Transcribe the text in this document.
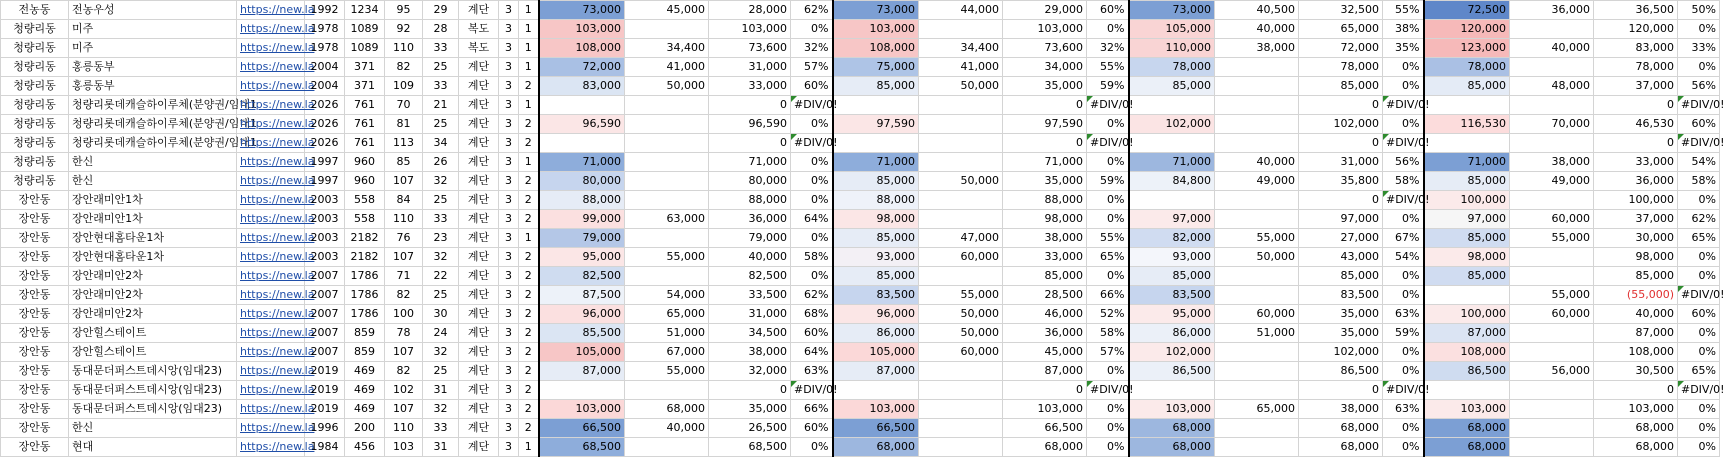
전농동	전농우성	https://new.la	1992	1234	95	29	계단	3	1	73,000	45,000	28,000	62%	73,000	44,000	29,000	60%	73,000	40,500	32,500	55%	72,500	36,000	36,500	50%
청량리동	미주	https://new.la	1978	1089	92	28	복도	3	1	103,000		103,000	0%	103,000		103,000	0%	105,000	40,000	65,000	38%	120,000		120,000	0%
청량리동	미주	https://new.la	1978	1089	110	33	복도	3	1	108,000	34,400	73,600	32%	108,000	34,400	73,600	32%	110,000	38,000	72,000	35%	123,000	40,000	83,000	33%
청량리동	홍릉동부	https://new.la	2004	371	82	25	계단	3	1	72,000	41,000	31,000	57%	75,000	41,000	34,000	55%	78,000		78,000	0%	78,000		78,000	0%
청량리동	홍릉동부	https://new.la	2004	371	109	33	계단	3	2	83,000	50,000	33,000	60%	85,000	50,000	35,000	59%	85,000		85,000	0%	85,000	48,000	37,000	56%
청량리동	청량리롯데캐슬하이루체(분양권/임대1	https://new.la	2026	761	70	21	계단	3	1			0	#DIV/0!			0	#DIV/0!			0	#DIV/0!			0	#DIV/0!
청량리동	청량리롯데캐슬하이루체(분양권/임대1	https://new.la	2026	761	81	25	계단	3	2	96,590		96,590	0%	97,590		97,590	0%	102,000		102,000	0%	116,530	70,000	46,530	60%
청량리동	청량리롯데캐슬하이루체(분양권/임대1	https://new.la	2026	761	113	34	계단	3	2			0	#DIV/0!			0	#DIV/0!			0	#DIV/0!			0	#DIV/0!
청량리동	한신	https://new.la	1997	960	85	26	계단	3	1	71,000		71,000	0%	71,000		71,000	0%	71,000	40,000	31,000	56%	71,000	38,000	33,000	54%
청량리동	한신	https://new.la	1997	960	107	32	계단	3	2	80,000		80,000	0%	85,000	50,000	35,000	59%	84,800	49,000	35,800	58%	85,000	49,000	36,000	58%
장안동	장안래미안1차	https://new.la	2003	558	84	25	계단	3	2	88,000		88,000	0%	88,000		88,000	0%			0	#DIV/0!	100,000		100,000	0%
장안동	장안래미안1차	https://new.la	2003	558	110	33	계단	3	2	99,000	63,000	36,000	64%	98,000		98,000	0%	97,000		97,000	0%	97,000	60,000	37,000	62%
장안동	장안현대홈타운1차	https://new.la	2003	2182	76	23	계단	3	1	79,000		79,000	0%	85,000	47,000	38,000	55%	82,000	55,000	27,000	67%	85,000	55,000	30,000	65%
장안동	장안현대홈타운1차	https://new.la	2003	2182	107	32	계단	3	2	95,000	55,000	40,000	58%	93,000	60,000	33,000	65%	93,000	50,000	43,000	54%	98,000		98,000	0%
장안동	장안래미안2차	https://new.la	2007	1786	71	22	계단	3	2	82,500		82,500	0%	85,000		85,000	0%	85,000		85,000	0%	85,000		85,000	0%
장안동	장안래미안2차	https://new.la	2007	1786	82	25	계단	3	2	87,500	54,000	33,500	62%	83,500	55,000	28,500	66%	83,500		83,500	0%		55,000	(55,000)	#DIV/0!
장안동	장안래미안2차	https://new.la	2007	1786	100	30	계단	3	2	96,000	65,000	31,000	68%	96,000	50,000	46,000	52%	95,000	60,000	35,000	63%	100,000	60,000	40,000	60%
장안동	장안힐스테이트	https://new.la	2007	859	78	24	계단	3	2	85,500	51,000	34,500	60%	86,000	50,000	36,000	58%	86,000	51,000	35,000	59%	87,000		87,000	0%
장안동	장안힐스테이트	https://new.la	2007	859	107	32	계단	3	2	105,000	67,000	38,000	64%	105,000	60,000	45,000	57%	102,000		102,000	0%	108,000		108,000	0%
장안동	동대문더퍼스트데시앙(임대23)	https://new.la	2019	469	82	25	계단	3	2	87,000	55,000	32,000	63%	87,000		87,000	0%	86,500		86,500	0%	86,500	56,000	30,500	65%
장안동	동대문더퍼스트데시앙(임대23)	https://new.la	2019	469	102	31	계단	3	2			0	#DIV/0!			0	#DIV/0!			0	#DIV/0!			0	#DIV/0!
장안동	동대문더퍼스트데시앙(임대23)	https://new.la	2019	469	107	32	계단	3	2	103,000	68,000	35,000	66%	103,000		103,000	0%	103,000	65,000	38,000	63%	103,000		103,000	0%
장안동	한신	https://new.la	1996	200	110	33	계단	3	2	66,500	40,000	26,500	60%	66,500		66,500	0%	68,000		68,000	0%	68,000		68,000	0%
장안동	현대	https://new.la	1984	456	103	31	계단	3	1	68,500		68,500	0%	68,000		68,000	0%	68,000		68,000	0%	68,000		68,000	0%
